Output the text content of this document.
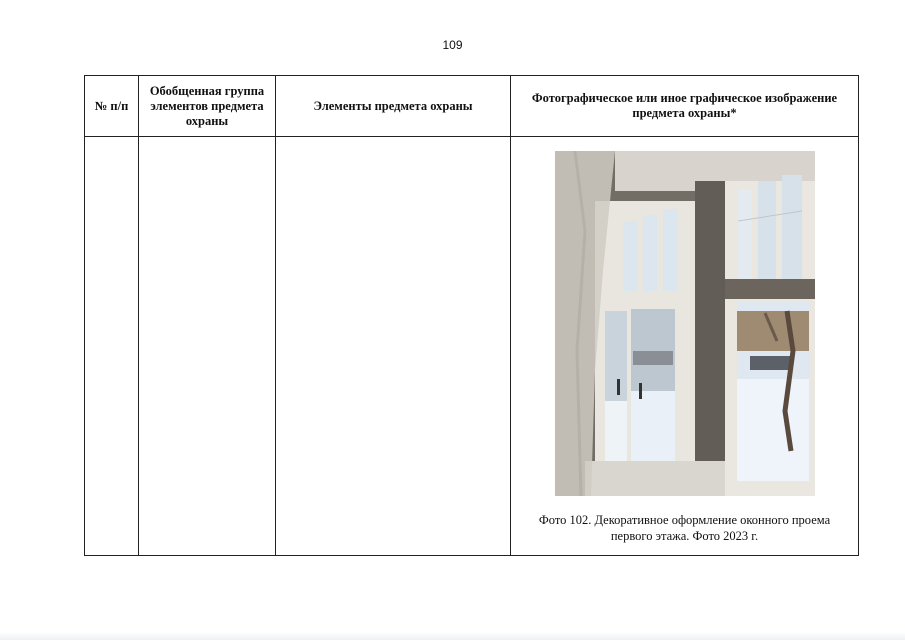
109
№ п/п	Обобщенная группа элементов предмета охраны	Элементы предмета охраны	Фотографическое или иное графическое изображение предмета охраны*

			Фото 102. Декоративное оформление оконного проема
первого этажа. Фото 2023 г.
